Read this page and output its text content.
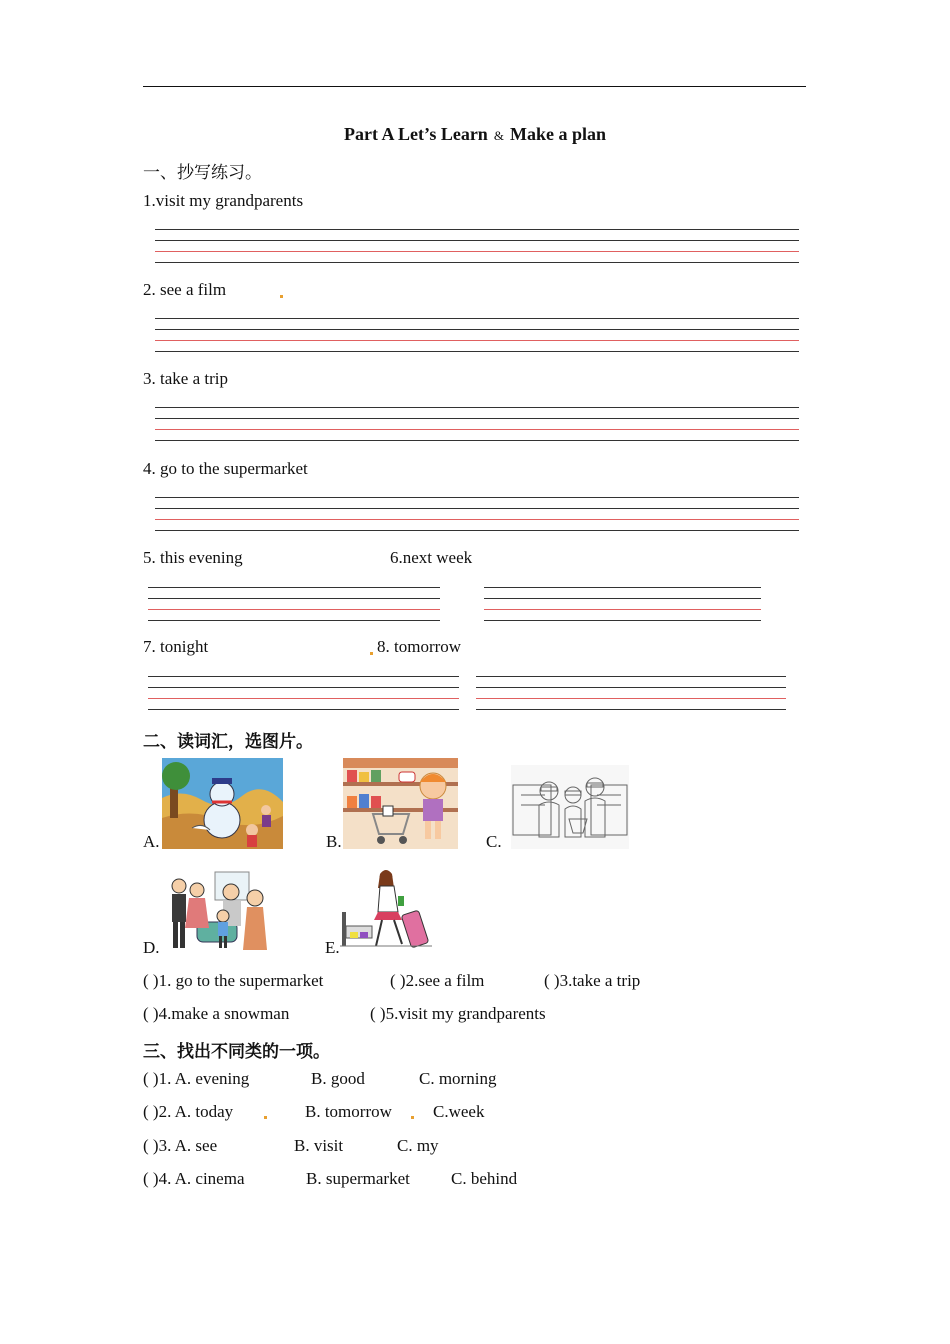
Part A Let’s Learn & Make a plan
一、抄写练习。
1.visit my grandparents
2. see a film
3. take a trip
4. go to the supermarket
5. this evening	6.next week
7. tonight	8. tomorrow
二、读词汇，选图片。
A.	B.	C.
D.	E.
( )1. go to the supermarket	( )2.see a film	( )3.take a trip
( )4.make a snowman	( )5.visit my grandparents
三、找出不同类的一项。
( )1. A. evening	B. good	C. morning
( )2. A. today	B. tomorrow C.week
( )3. A. see	B. visit	C. my
( )4. A. cinema	B. supermarket C. behind
